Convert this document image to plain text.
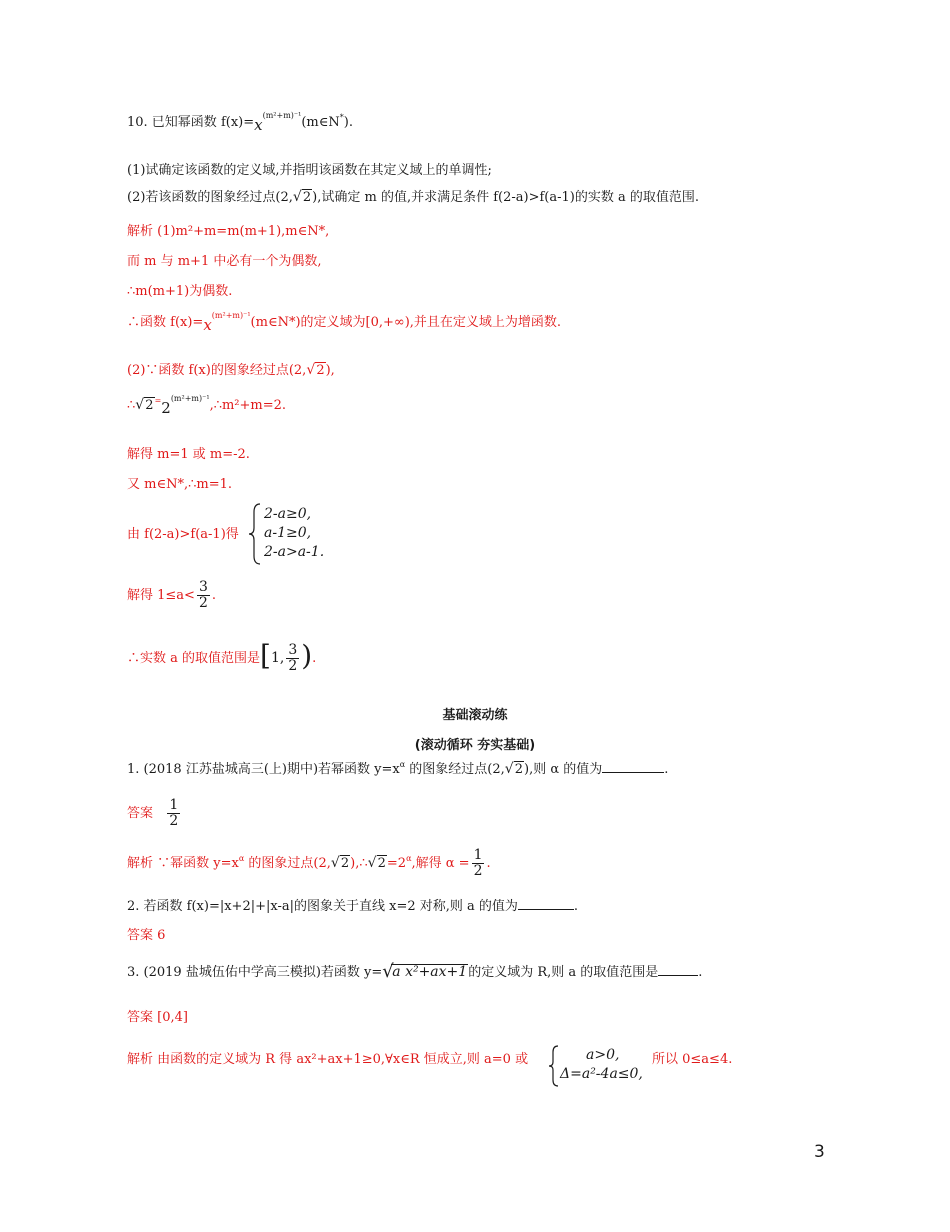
10. 已知幂函数 $f(x)=x^{(m^2+m)^{-1}}(m\in N^*)$.
(1)试确定该函数的定义域,并指明该函数在其定义域上的单调性;
(2)若该函数的图象经过点(2, √ 2),试确定 m 的值,并求满足条件 f(2-a)>f(a-1)的实数 a 的取值范围.
解析 (1)m²+m=m(m+1),m∈N*,
而 m 与 m+1 中必有一个为偶数,
∴m(m+1)为偶数.
∴函数 $f(x)=x^{(m^2+m)^{-1}}(m\in N*)$的定义域为[0,+∞),并且在定义域上为增函数.
(2)∵函数 f(x)的图象经过点(2, √ 2),
∴ √ $2^=2^{(m^2+m)^{-1}},\therefore m^2+m=2$.
解得 m=1 或 m=-2.
又 m∈N*,∴m=1.
由 f(2-a)>f(a-1)得
2-a≥0,
a-1≥0,
2-a>a-1.
解得 $1\le a< \frac{3}{2}$ .
∴实数 a 的取值范围是[1, $\frac{3}{2}$ ).
基础滚动练
(滚动循环 夯实基础)
1. (2018 江苏盐城高三(上)期中)若幂函数 $y=x^\alpha$ 的图象经过点(2, √ 2),则 α 的值为	.
答案 $\frac{1}{2}$
解析 ∵幂函数 $y=x^\alpha$ 的图象过点(2, √ 2),∴ √ $2=2^\alpha$,解得 $\alpha = \frac{1}{2}$ .
2. 若函数 f(x)=|x+2|+|x-a|的图象关于直线 x=2 对称,则 a 的值为	.
答案 6
3. (2019 盐城伍佑中学高三模拟)若函数 y= √
a x²+ax+1的定义域为 R,则 a 的取值范围是	.
答案 [0,4]
解析 由函数的定义域为 R 得 ax²+ax+1≥0,∀x∈R 恒成立,则 a=0 或	a>0,
Δ=a²-4a≤0,
所以 0≤a≤4.
3
